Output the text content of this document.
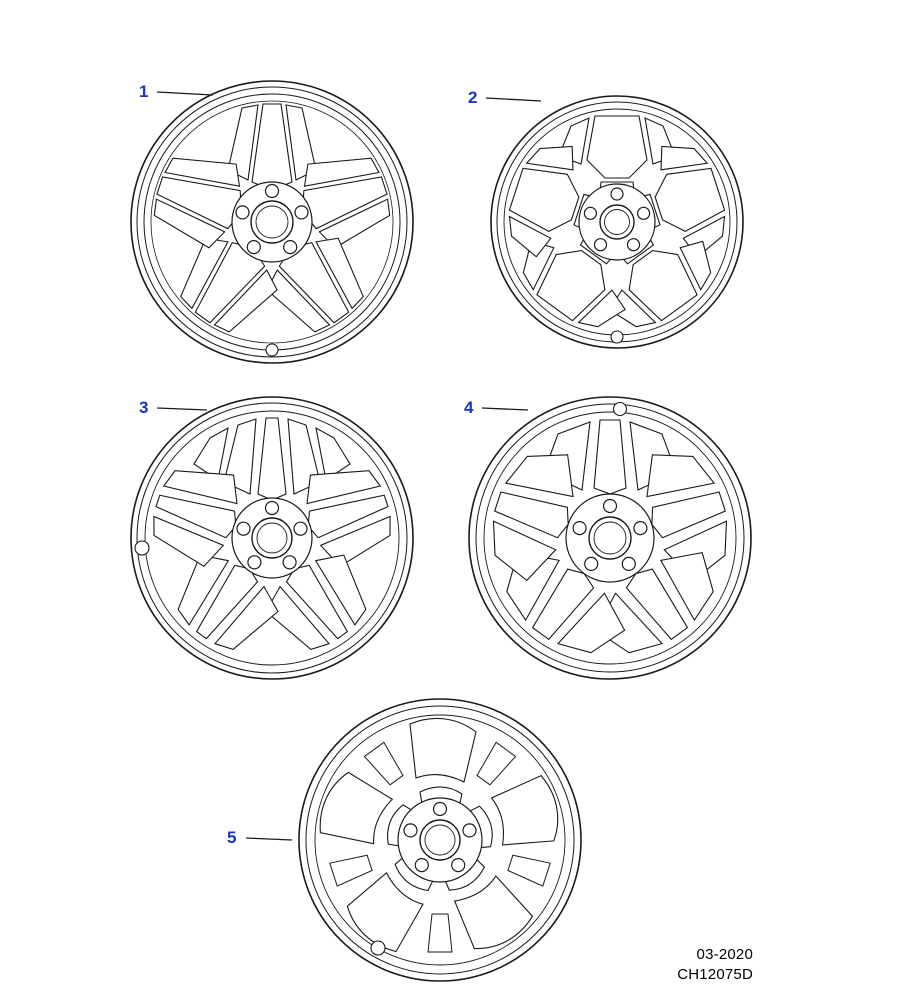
1	2
3	4
5
03-2020
CH12075D
